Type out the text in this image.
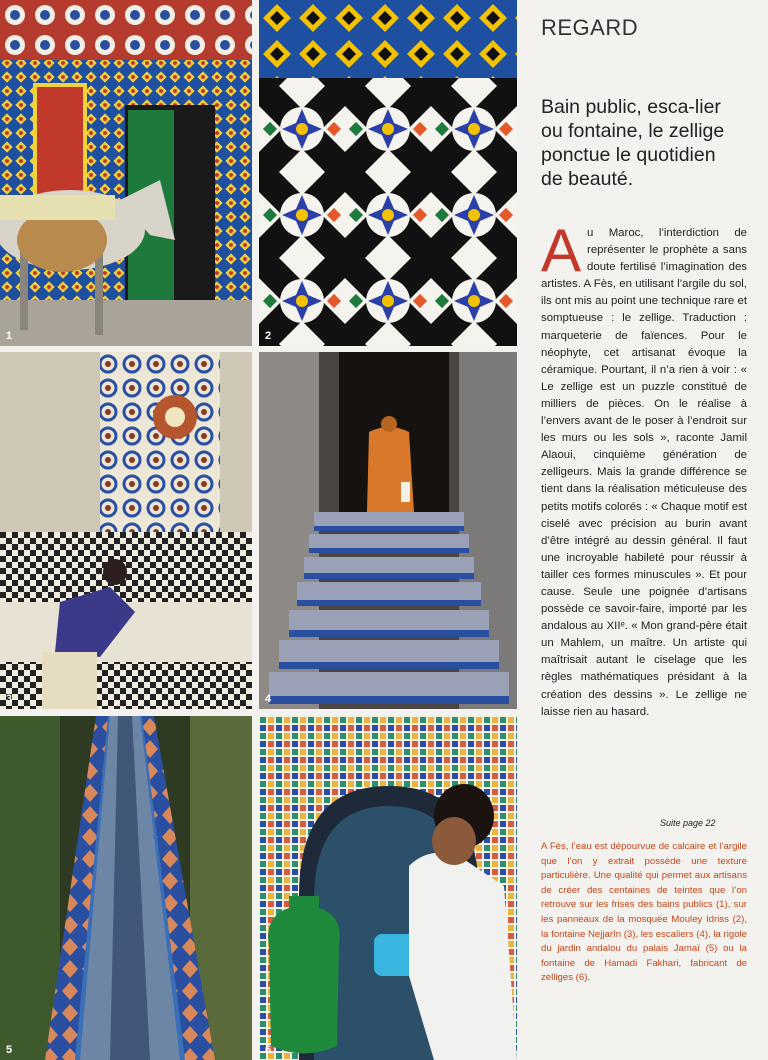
1	2
3	4
5	6
REGARD
Bain public, esca-lier ou fontaine, le zellige ponctue le quotidien de beauté.
A u Maroc, l’interdiction de représenter le prophète a sans doute fertilisé l’imagination des artistes. A Fès, en utilisant l’argile du sol, ils ont mis au point une technique rare et somptueuse : le zellige. Traduction : marqueterie de faïences. Pour le néophyte, cet artisanat évoque la céramique. Pourtant, il n’a rien à voir : « Le zellige est un puzzle constitué de milliers de pièces. On le réalise à l’envers avant de le poser à l’endroit sur les murs ou les sols », raconte Jamil Alaoui, cinquième génération de zelligeurs. Mais la grande différence se tient dans la réalisation méticuleuse des petits motifs colorés : « Chaque motif est ciselé avec précision au burin avant d’être intégré au dessin général. Il faut une incroyable habileté pour réussir à tailler ces formes minuscules ». Et pour cause. Seule une poignée d’artisans possède ce savoir-faire, importé par les andalous au XIIᵉ. « Mon grand-père était un Mahlem, un maître. Un artiste qui maîtrisait autant le ciselage que les règles mathématiques présidant à la création des dessins ». Le zellige ne laisse rien au hasard.
Suite page 22
A Fès, l’eau est dépourvue de calcaire et l’argile que l’on y extrait possède une texture particulière. Une qualité qui permet aux artisans de créer des centaines de teintes que l’on retrouve sur les frises des bains publics (1), sur les panneaux de la mosquée Mouley Idriss (2), la fontaine Nejjarîn (3), les escaliers (4), la rigole du jardin andalou du palais Jamaï (5) ou la fontaine de Hamadi Fakhari, fabricant de zelliges (6).
